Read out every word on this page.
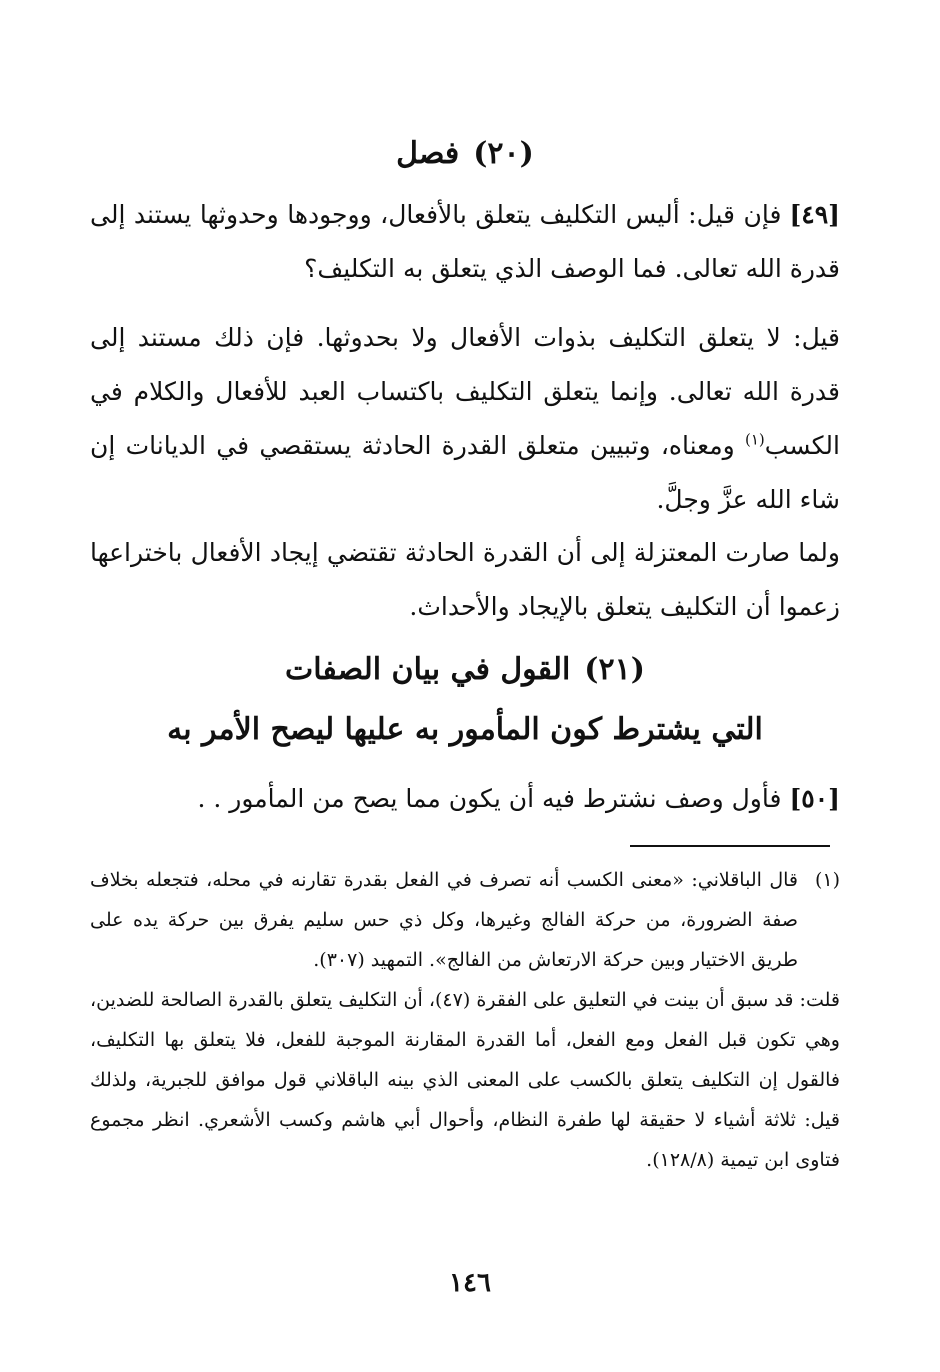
(٢٠)فصل
[٤٩]فإن قيل: أليس التكليف يتعلق بالأفعال، ووجودها وحدوثها يستند إلى قدرة الله تعالى. فما الوصف الذي يتعلق به التكليف؟
قيل: لا يتعلق التكليف بذوات الأفعال ولا بحدوثها. فإن ذلك مستند إلى قدرة الله تعالى. وإنما يتعلق التكليف باكتساب العبد للأفعال والكلام في الكسب$^{(١)}$ ومعناه، وتبيين متعلق القدرة الحادثة يستقصي في الديانات إن شاء الله عزَّ وجلَّ.
ولما صارت المعتزلة إلى أن القدرة الحادثة تقتضي إيجاد الأفعال باختراعها زعموا أن التكليف يتعلق بالإيجاد والأحداث.
(٢١)القول في بيان الصفات
التي يشترط كون المأمور به عليها ليصح الأمر به
[٥٠]فأول وصف نشترط فيه أن يكون مما يصح من المأمور . .
(١)
قال الباقلاني: «معنى الكسب أنه تصرف في الفعل بقدرة تقارنه في محله، فتجعله بخلاف صفة الضرورة، من حركة الفالج وغيرها، وكل ذي حس سليم يفرق بين حركة يده على طريق الاختيار وبين حركة الارتعاش من الفالج». التمهيد (٣٠٧).
قلت: قد سبق أن بينت في التعليق على الفقرة (٤٧)، أن التكليف يتعلق بالقدرة الصالحة للضدين، وهي تكون قبل الفعل ومع الفعل، أما القدرة المقارنة الموجبة للفعل، فلا يتعلق بها التكليف، فالقول إن التكليف يتعلق بالكسب على المعنى الذي بينه الباقلاني قول موافق للجبرية، ولذلك قيل: ثلاثة أشياء لا حقيقة لها طفرة النظام، وأحوال أبي هاشم وكسب الأشعري. انظر مجموع فتاوى ابن تيمية (١٢٨/٨).
١٤٦
